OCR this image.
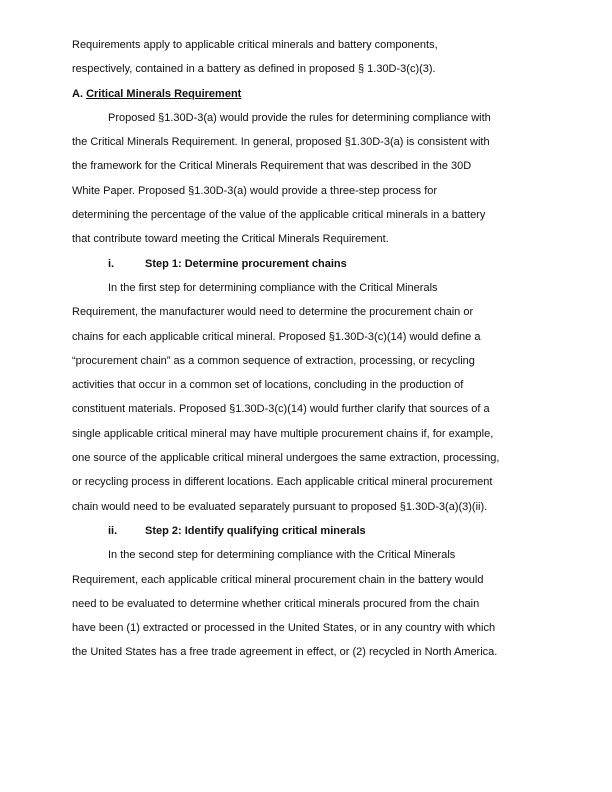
Requirements apply to applicable critical minerals and battery components,
respectively, contained in a battery as defined in proposed § 1.30D-3(c)(3).
A. Critical Minerals Requirement
Proposed §1.30D-3(a) would provide the rules for determining compliance with
the Critical Minerals Requirement. In general, proposed §1.30D-3(a) is consistent with
the framework for the Critical Minerals Requirement that was described in the 30D
White Paper. Proposed §1.30D-3(a) would provide a three-step process for
determining the percentage of the value of the applicable critical minerals in a battery
that contribute toward meeting the Critical Minerals Requirement.
i.	Step 1: Determine procurement chains
In the first step for determining compliance with the Critical Minerals
Requirement, the manufacturer would need to determine the procurement chain or
chains for each applicable critical mineral. Proposed §1.30D-3(c)(14) would define a
“procurement chain” as a common sequence of extraction, processing, or recycling
activities that occur in a common set of locations, concluding in the production of
constituent materials. Proposed §1.30D-3(c)(14) would further clarify that sources of a
single applicable critical mineral may have multiple procurement chains if, for example,
one source of the applicable critical mineral undergoes the same extraction, processing,
or recycling process in different locations. Each applicable critical mineral procurement
chain would need to be evaluated separately pursuant to proposed §1.30D-3(a)(3)(ii).
ii.	Step 2: Identify qualifying critical minerals
In the second step for determining compliance with the Critical Minerals
Requirement, each applicable critical mineral procurement chain in the battery would
need to be evaluated to determine whether critical minerals procured from the chain
have been (1) extracted or processed in the United States, or in any country with which
the United States has a free trade agreement in effect, or (2) recycled in North America.
